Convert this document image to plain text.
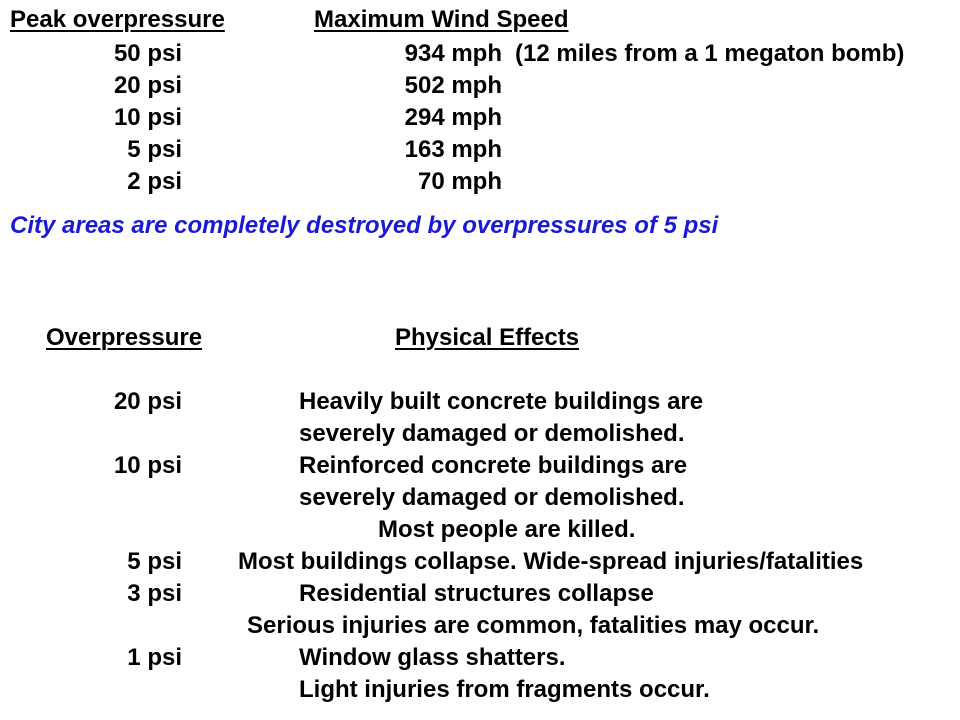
Peak overpressure	Maximum Wind Speed
50 psi	934 mph (12 miles from a 1 megaton bomb)
20 psi	502 mph
10 psi	294 mph
5 psi	163 mph
2 psi	70 mph
City areas are completely destroyed by overpressures of 5 psi
Overpressure	Physical Effects
20 psi	Heavily built concrete buildings are
severely damaged or demolished.
10 psi	Reinforced concrete buildings are
severely damaged or demolished.
Most people are killed.
5 psi Most buildings collapse. Wide-spread injuries/fatalities
3 psi	Residential structures collapse
Serious injuries are common, fatalities may occur.
1 psi	Window glass shatters.
Light injuries from fragments occur.
